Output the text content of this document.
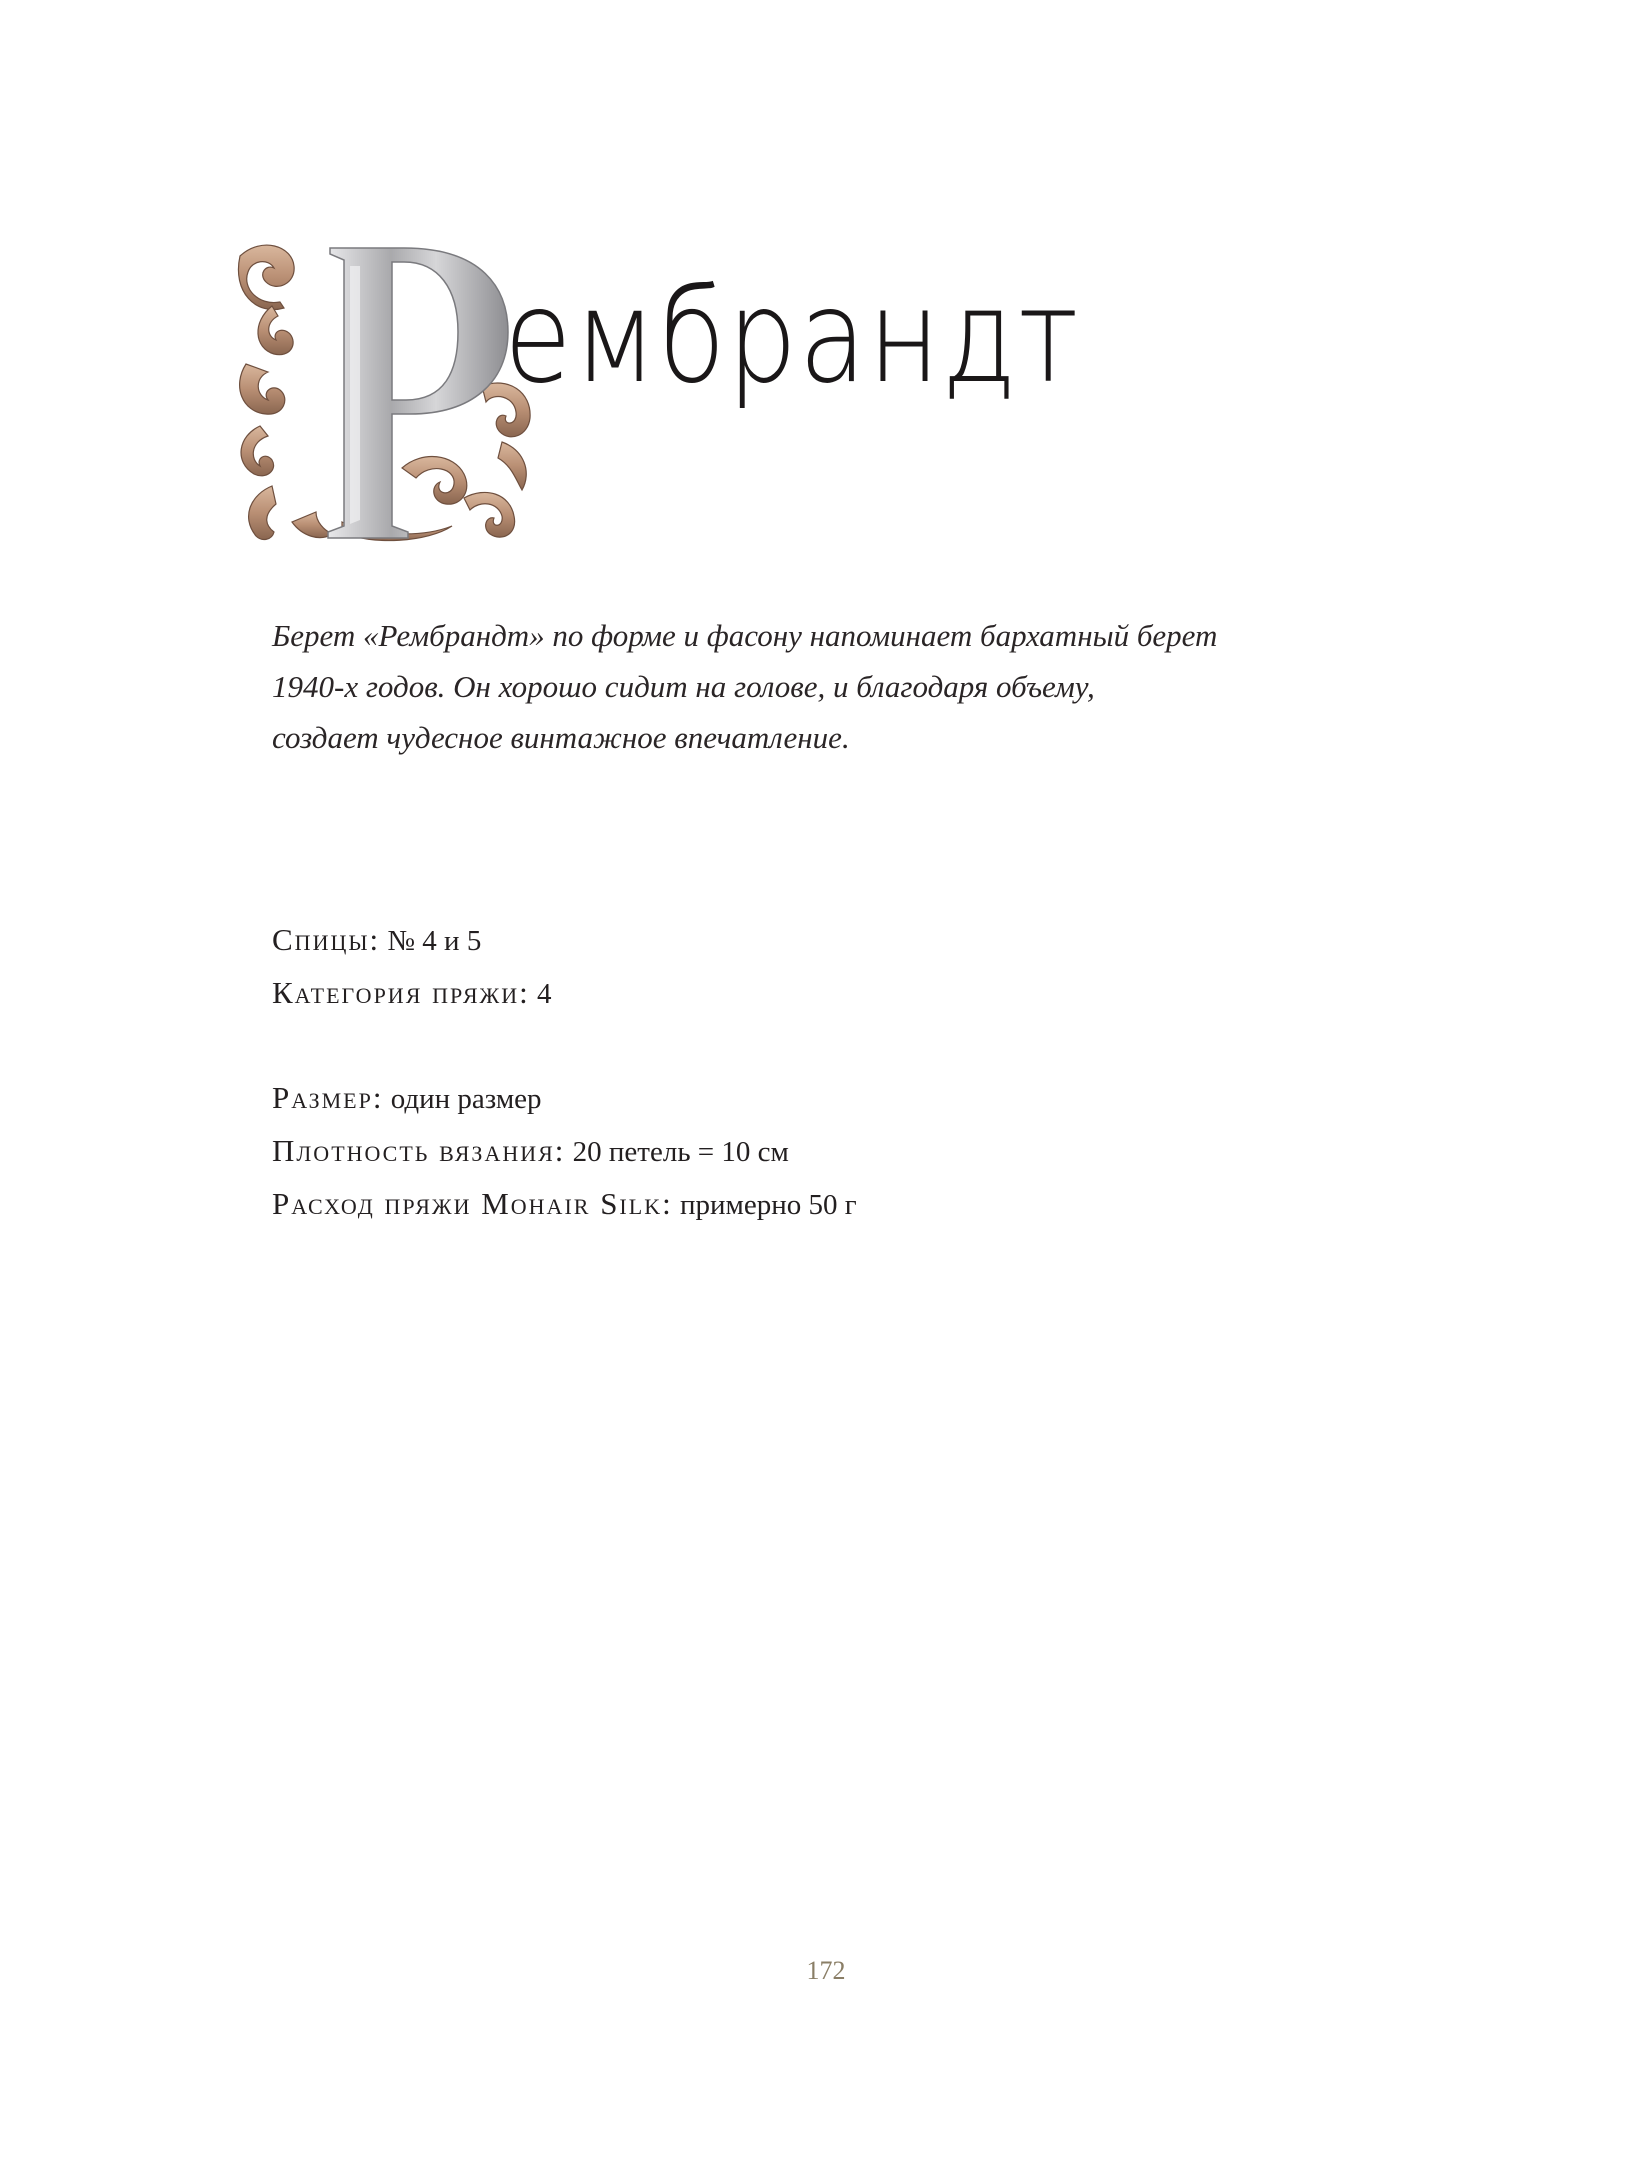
ембрандт
Берет «Рембрандт» по форме и фасону напоминает бархатный берет
1940-х годов. Он хорошо сидит на голове, и благодаря объему,
создает чудесное винтажное впечатление.
Спицы: № 4 и 5
Категория пряжи: 4
Размер: один размер
Плотность вязания: 20 петель = 10 см
Расход пряжи Mohair Silk: примерно 50 г
172
